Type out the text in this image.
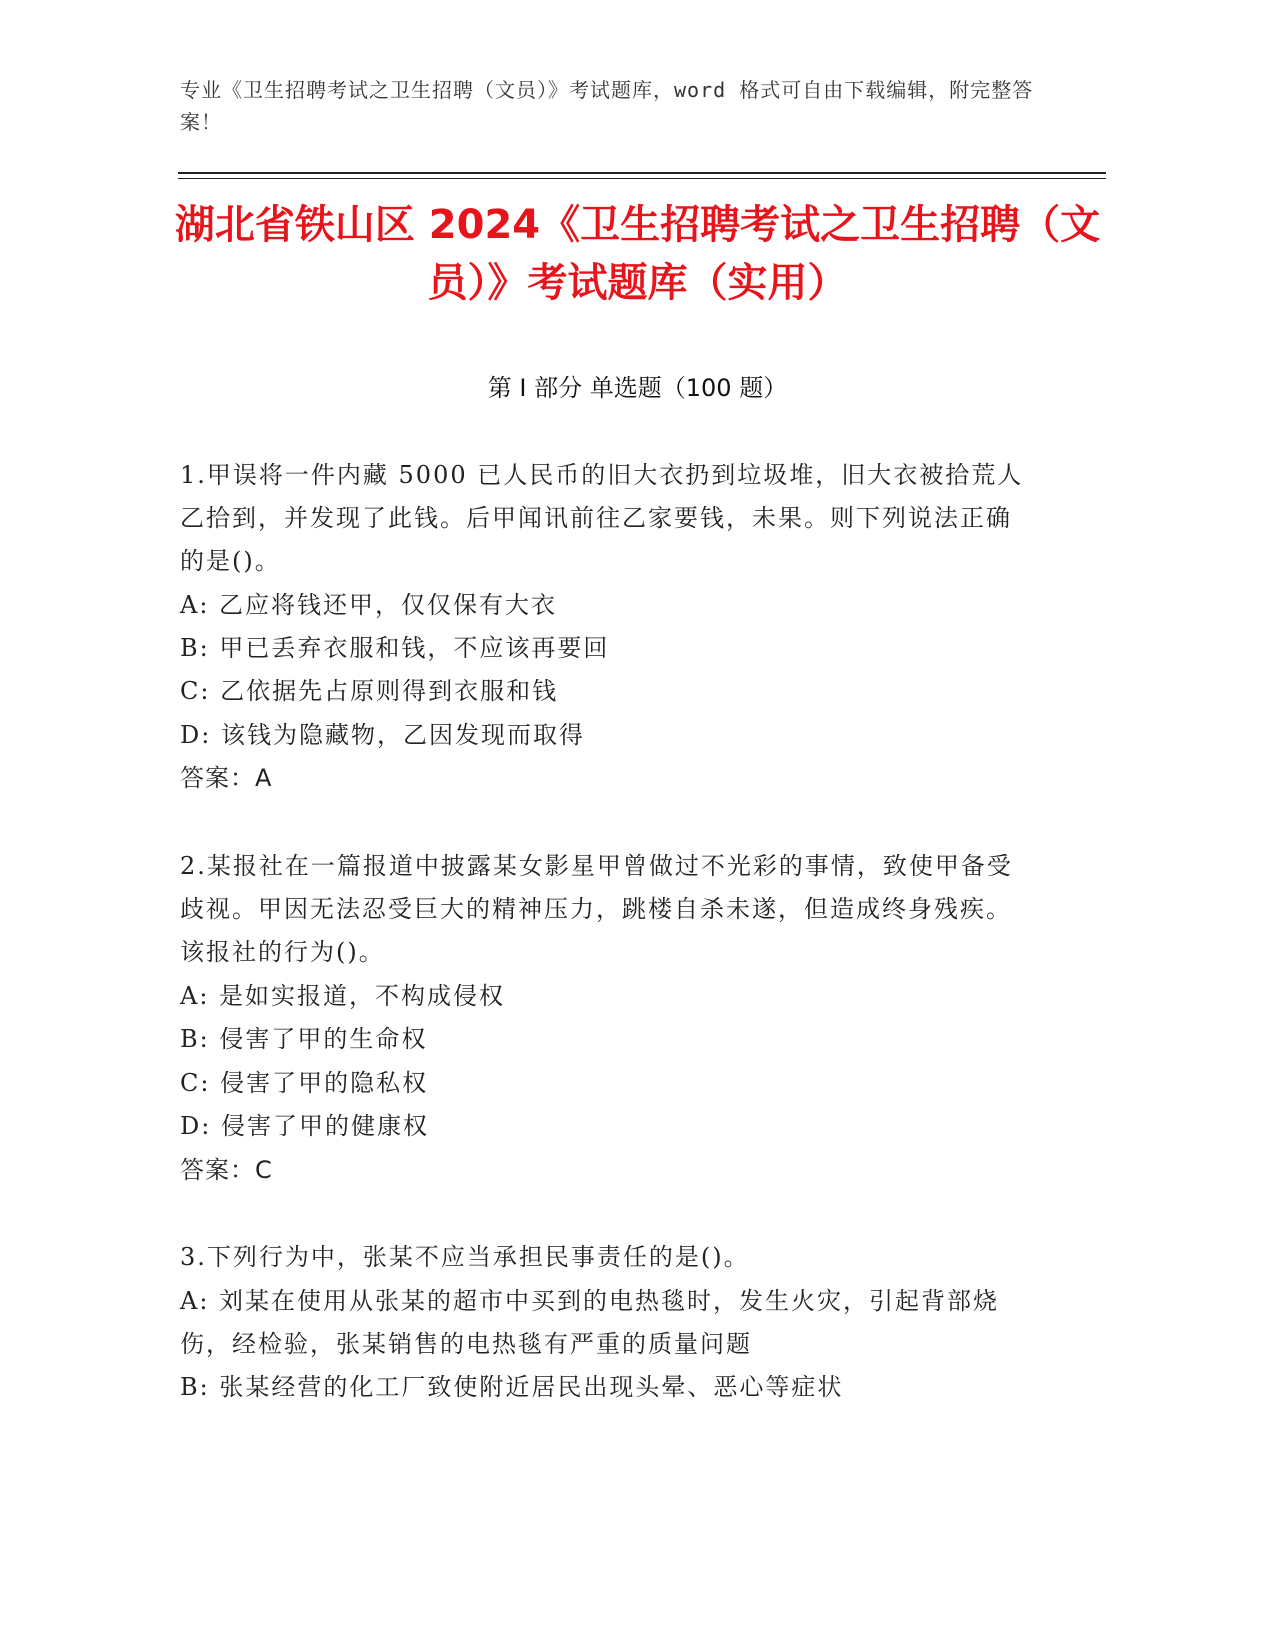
专业《卫生招聘考试之卫生招聘（文员）》考试题库，word 格式可自由下载编辑，附完整答案！
湖北省铁山区 2024《卫生招聘考试之卫生招聘（文员）》考试题库（实用）
第 I 部分 单选题（100 题）
1.甲误将一件内藏 5000 已人民币的旧大衣扔到垃圾堆，旧大衣被拾荒人乙拾到，并发现了此钱。后甲闻讯前往乙家要钱，未果。则下列说法正确的是()。
A: 乙应将钱还甲，仅仅保有大衣
B: 甲已丢弃衣服和钱，不应该再要回
C: 乙依据先占原则得到衣服和钱
D: 该钱为隐藏物，乙因发现而取得
答案：A
2.某报社在一篇报道中披露某女影星甲曾做过不光彩的事情，致使甲备受歧视。甲因无法忍受巨大的精神压力，跳楼自杀未遂，但造成终身残疾。该报社的行为()。
A: 是如实报道，不构成侵权
B: 侵害了甲的生命权
C: 侵害了甲的隐私权
D: 侵害了甲的健康权
答案：C
3.下列行为中，张某不应当承担民事责任的是()。
A: 刘某在使用从张某的超市中买到的电热毯时，发生火灾，引起背部烧伤，经检验，张某销售的电热毯有严重的质量问题
B: 张某经营的化工厂致使附近居民出现头晕、恶心等症状
